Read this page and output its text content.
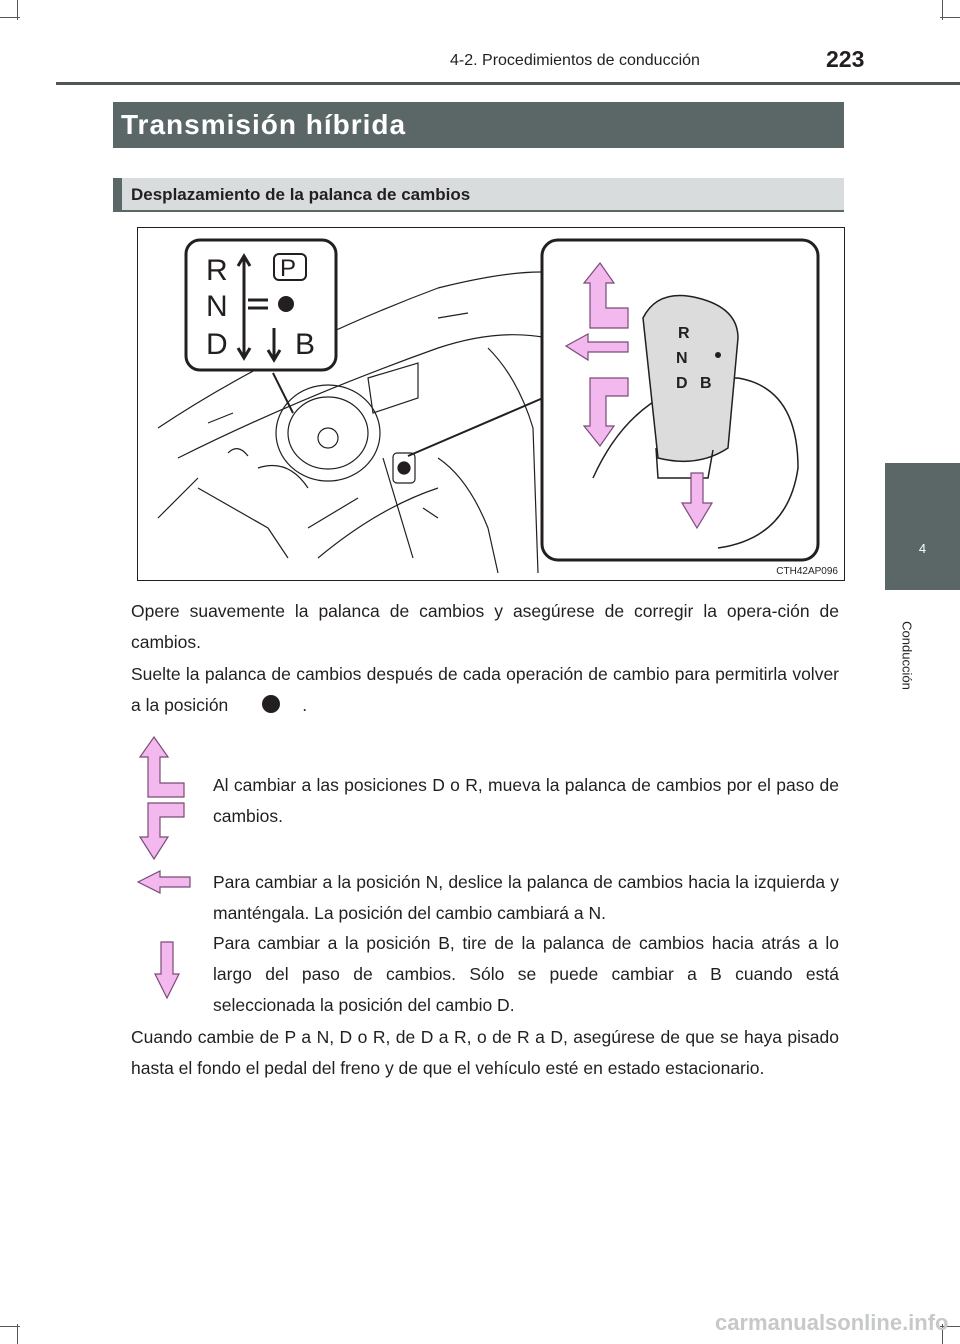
4-2. Procedimientos de conducción	223
Transmisión híbrida
Desplazamiento de la palanca de cambios
4
Conducción
R
N
D B
P
R
N
D B
CTH42AP096
Opere suavemente la palanca de cambios y asegúrese de corregir la opera-ción de cambios.
Suelte la palanca de cambios después de cada operación de cambio para permitirla volver a la posición	.
Al cambiar a las posiciones D o R, mueva la palanca de cambios por el paso de cambios.
Para cambiar a la posición N, deslice la palanca de cambios hacia la izquierda y manténgala. La posición del cambio cambiará a N.
Para cambiar a la posición B, tire de la palanca de cambios hacia atrás a lo largo del paso de cambios. Sólo se puede cambiar a B cuando está seleccionada la posición del cambio D.
Cuando cambie de P a N, D o R, de D a R, o de R a D, asegúrese de que se haya pisado hasta el fondo el pedal del freno y de que el vehículo esté en estado estacionario.
carmanualsonline.info
